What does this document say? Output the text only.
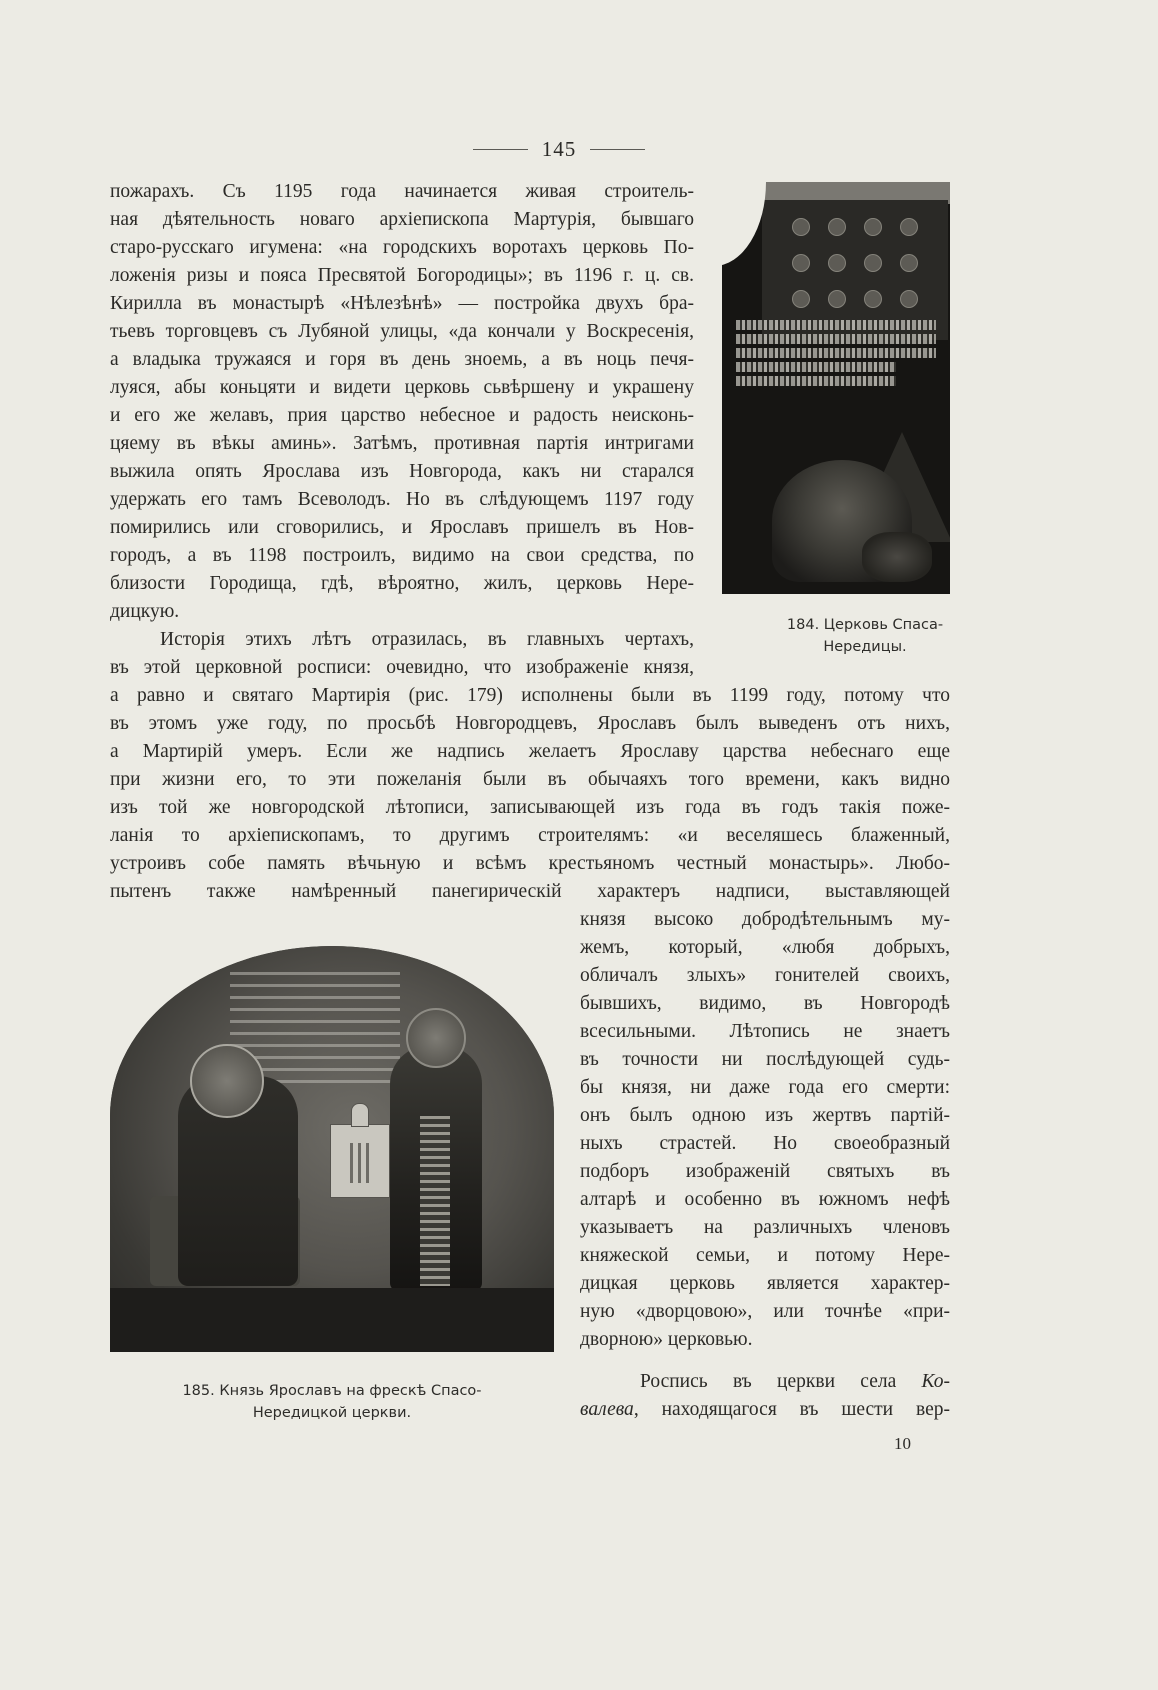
145
пожарахъ. Съ 1195 года начинается живая строитель-
ная дѣятельность новаго архіепископа Мартурія, бывшаго
старо-русскаго игумена: «на городскихъ воротахъ церковь По-
ложенія ризы и пояса Пресвятой Богородицы»; въ 1196 г. ц. св.
Кирилла въ монастырѣ «Нѣлезѣнѣ» — постройка двухъ бра-
тьевъ торговцевъ съ Лубяной улицы, «да кончали у Воскресенія,
а владыка тружаяся и горя въ день зноемь, а въ ноць печя-
луяся, абы коньцяти и видети церковь сьвѣршену и украшену
и его же желавъ, прия царство небесное и радость неисконь-
цяему въ вѣкы аминь». Затѣмъ, противная партія интригами
выжила опять Ярослава изъ Новгорода, какъ ни старался
удержать его тамъ Всеволодъ. Но въ слѣдующемъ 1197 году
помирились или сговорились, и Ярославъ пришелъ въ Нов-
городъ, а въ 1198 построилъ, видимо на свои средства, по
близости Городища, гдѣ, вѣроятно, жилъ, церковь Нере-
дицкую.
Исторія этихъ лѣтъ отразилась, въ главныхъ чертахъ,
въ этой церковной росписи: очевидно, что изображеніе князя,
а равно и святаго Мартирія (рис. 179) исполнены были въ 1199 году, потому что
въ этомъ уже году, по просьбѣ Новгородцевъ, Ярославъ былъ выведенъ отъ нихъ,
а Мартирій умеръ. Если же надпись желаетъ Ярославу царства небеснаго еще
при жизни его, то эти пожеланія были въ обычаяхъ того времени, какъ видно
изъ той же новгородской лѣтописи, записывающей изъ года въ годъ такія поже-
ланія то архіепископамъ, то другимъ строителямъ: «и веселяшесь блаженный,
устроивъ собе память вѣчьную и всѣмъ крестьяномъ честный монастырь». Любо-
пытенъ также намѣренный панегирическій характеръ надписи, выставляющей
князя высоко добродѣтельнымъ му-
жемъ, который, «любя добрыхъ,
обличалъ злыхъ» гонителей своихъ,
бывшихъ, видимо, въ Новгородѣ
всесильными. Лѣтопись не знаетъ
въ точности ни послѣдующей судь-
бы князя, ни даже года его смерти:
онъ былъ одною изъ жертвъ партій-
ныхъ страстей. Но своеобразный
подборъ изображеній святыхъ въ
алтарѣ и особенно въ южномъ нефѣ
указываетъ на различныхъ членовъ
княжеской семьи, и потому Нере-
дицкая церковь является характер-
ную «дворцовою», или точнѣе «при-
дворною» церковью.
Роспись въ церкви села Ко-
валева, находящагося въ шести вер-
184. Церковь Спаса-
Нередицы.
185. Князь Ярославъ на фрескѣ Спасо-
Нередицкой церкви.
10
